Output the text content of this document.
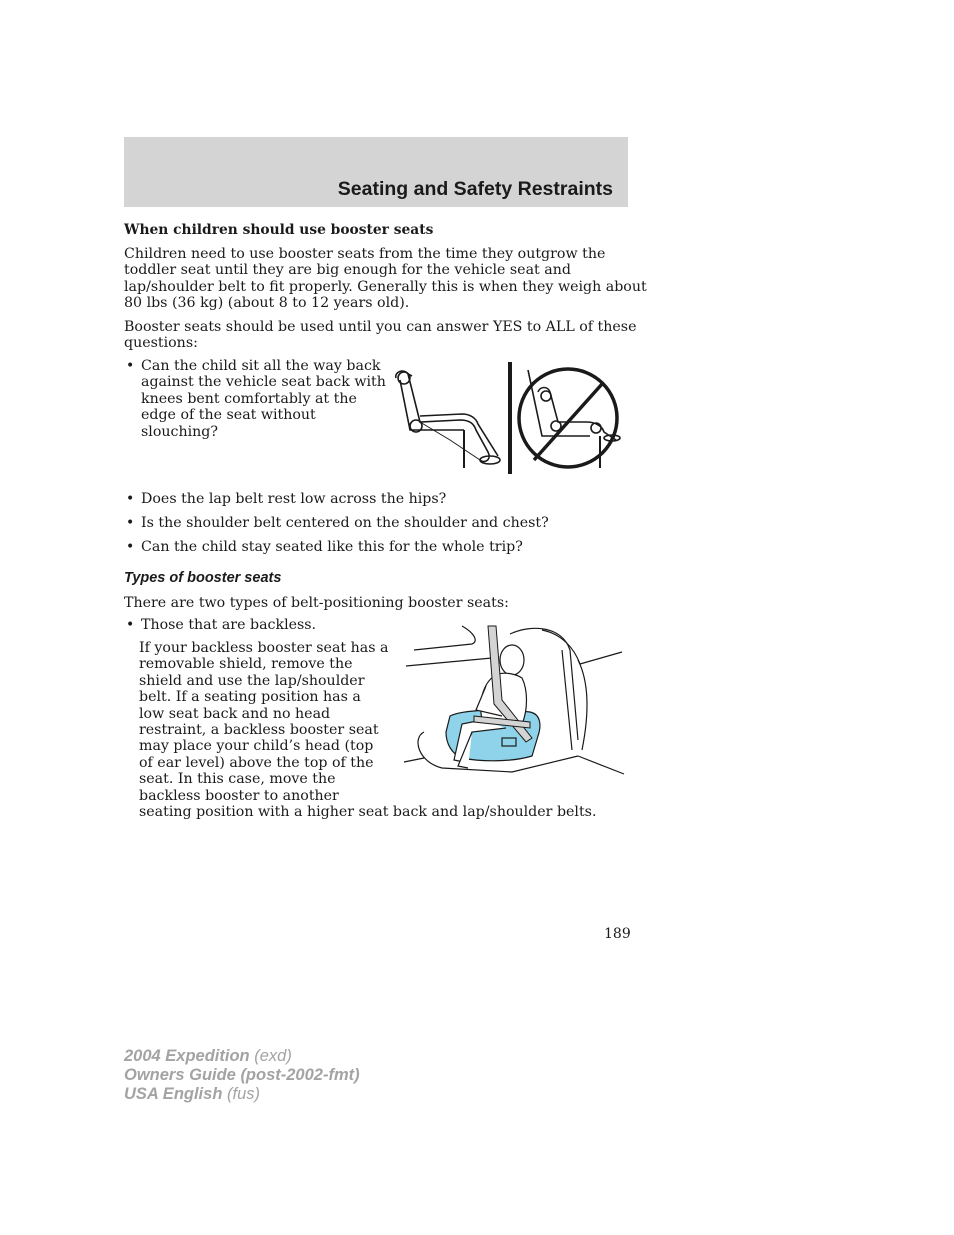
Seating and Safety Restraints
When children should use booster seats
Children need to use booster seats from the time they outgrow the
toddler seat until they are big enough for the vehicle seat and
lap/shoulder belt to fit properly. Generally this is when they weigh about
80 lbs (36 kg) (about 8 to 12 years old).
Booster seats should be used until you can answer YES to ALL of these
questions:
• Can the child sit all the way back
against the vehicle seat back with
knees bent comfortably at the
edge of the seat without
slouching?
• Does the lap belt rest low across the hips?
• Is the shoulder belt centered on the shoulder and chest?
• Can the child stay seated like this for the whole trip?
Types of booster seats
There are two types of belt-positioning booster seats:
• Those that are backless.
If your backless booster seat has a
removable shield, remove the
shield and use the lap/shoulder
belt. If a seating position has a
low seat back and no head
restraint, a backless booster seat
may place your child’s head (top
of ear level) above the top of the
seat. In this case, move the
backless booster to another
seating position with a higher seat back and lap/shoulder belts.
189
2004 Expedition (exd)
Owners Guide (post-2002-fmt)
USA English (fus)
